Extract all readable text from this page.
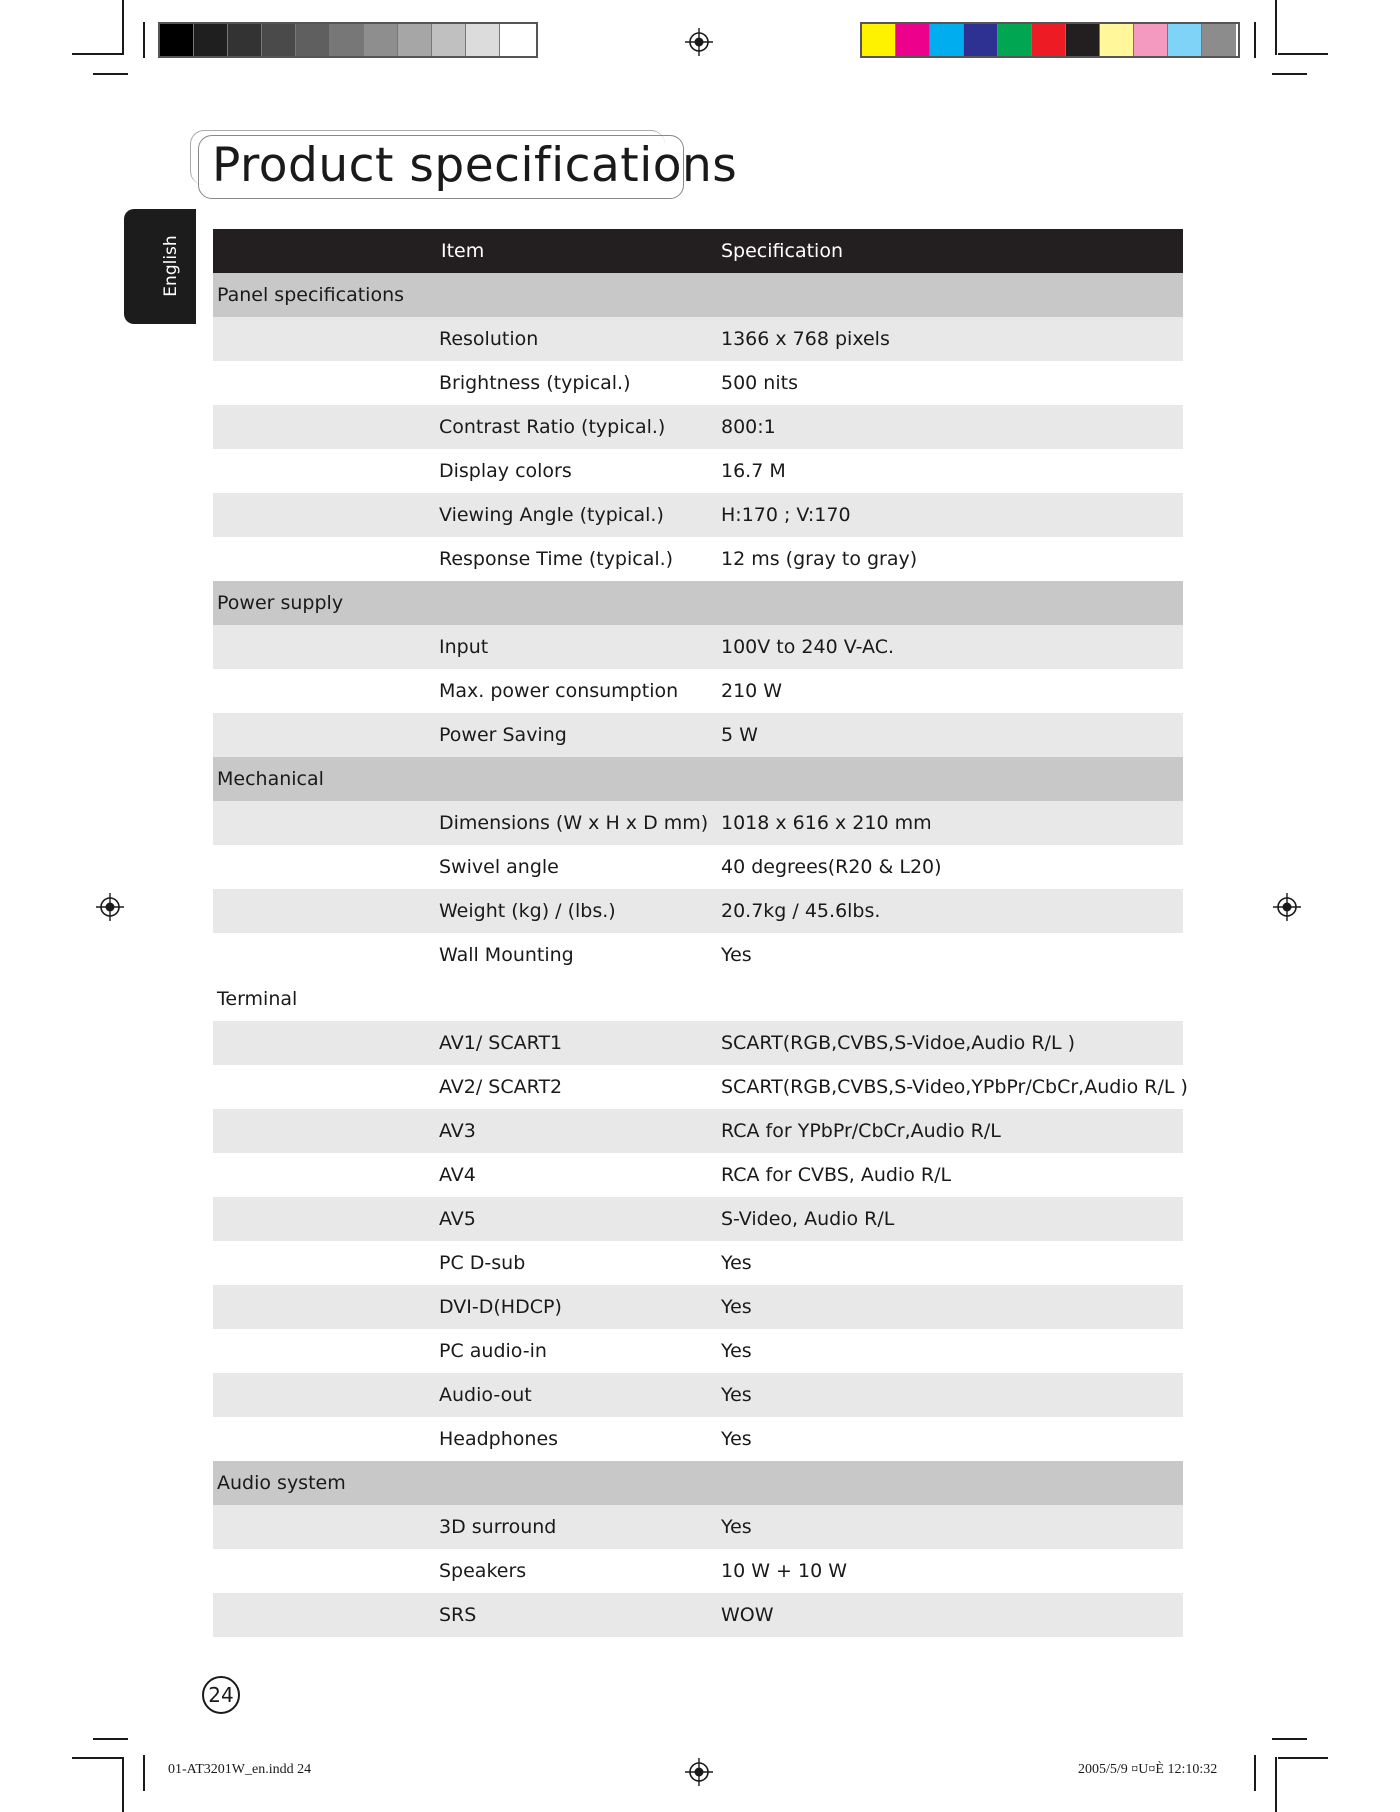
Product specifications
English	Item	Specification
Panel specifications
Resolution	1366 x 768 pixels
Brightness (typical.)	500 nits
Contrast Ratio (typical.)	800:1
Display colors	16.7 M
Viewing Angle (typical.)	H:170 ; V:170
Response Time (typical.)	12 ms (gray to gray)
Power supply
Input	100V to 240 V-AC.
Max. power consumption 210 W
Power Saving	5 W
Mechanical
Dimensions (W x H x D mm) 1018 x 616 x 210 mm
Swivel angle	40 degrees(R20 & L20)
Weight (kg) / (lbs.)	20.7kg / 45.6lbs.
Wall Mounting	Yes
Terminal
AV1/ SCART1	SCART(RGB,CVBS,S-Vidoe,Audio R/L )
AV2/ SCART2	SCART(RGB,CVBS,S-Video,YPbPr/CbCr,Audio R/L )
AV3	RCA for YPbPr/CbCr,Audio R/L
AV4	RCA for CVBS, Audio R/L
AV5	S-Video, Audio R/L
PC D-sub	Yes
DVI-D(HDCP)	Yes
PC audio-in	Yes
Audio-out	Yes
Headphones	Yes
Audio system
3D surround	Yes
Speakers	10 W + 10 W
SRS	WOW
24
01-AT3201W_en.indd 24	2005/5/9 ¤U¤È 12:10:32
